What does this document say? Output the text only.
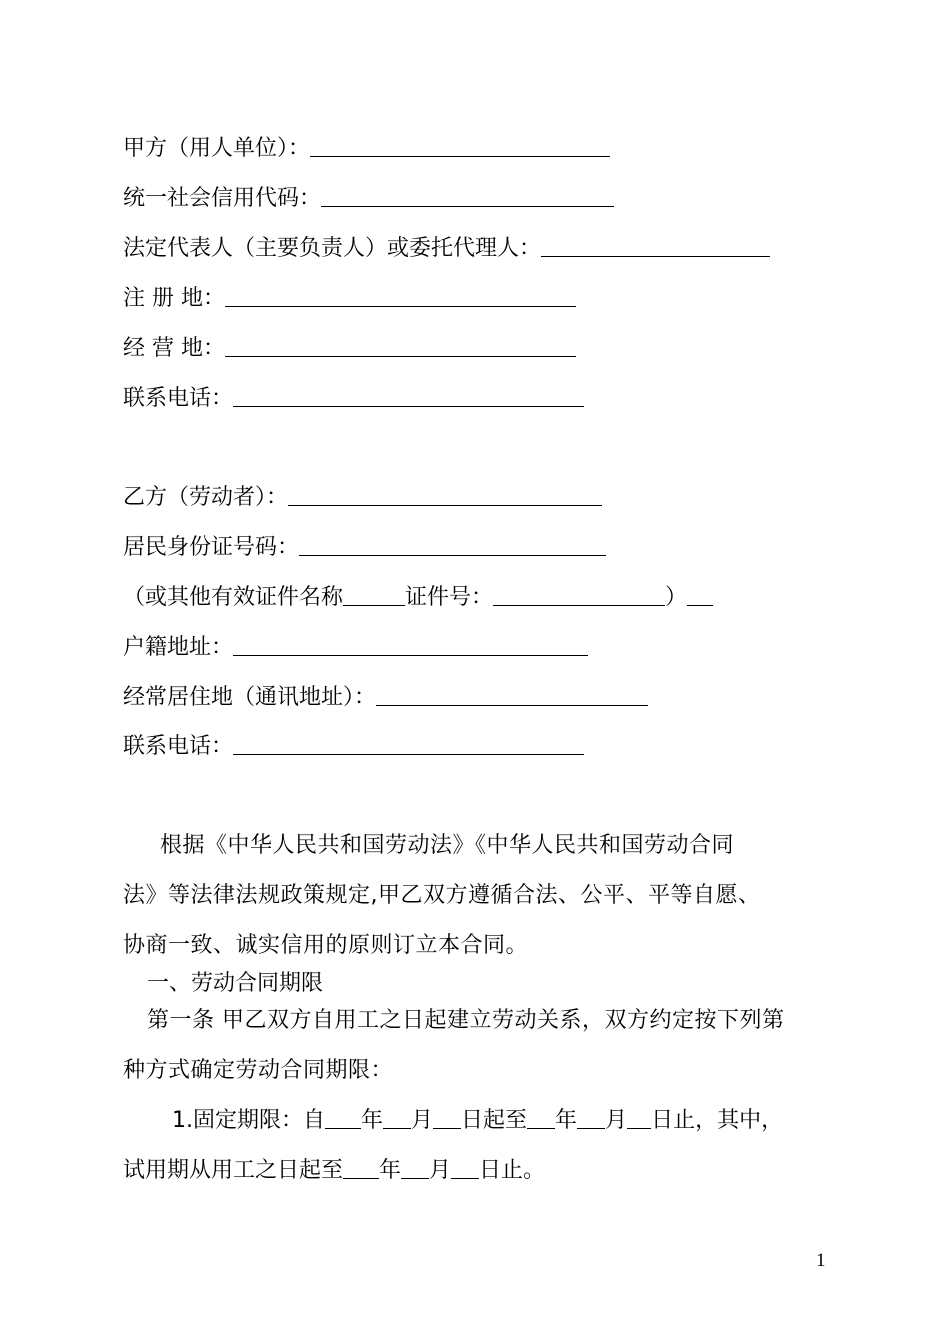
甲方（用人单位）：
统一社会信用代码：
法定代表人（主要负责人）或委托代理人：
注 册 地：
经 营 地：
联系电话：
乙方（劳动者）：
居民身份证号码：
（或其他有效证件名称	证件号：	）
户籍地址：
经常居住地（通讯地址）：
联系电话：
根据《中华人民共和国劳动法》《中华人民共和国劳动合同
法》等法律法规政策规定,甲乙双方遵循合法、公平、平等自愿、
协商一致、诚实信用的原则订立本合同。
一、劳动合同期限
第一条 甲乙双方自用工之日起建立劳动关系，双方约定按下列第
种方式确定劳动合同期限：
1.固定期限：自 年 月 日起至 年 月 日止，其中，
试用期从用工之日起至 年 月 日止。
1
